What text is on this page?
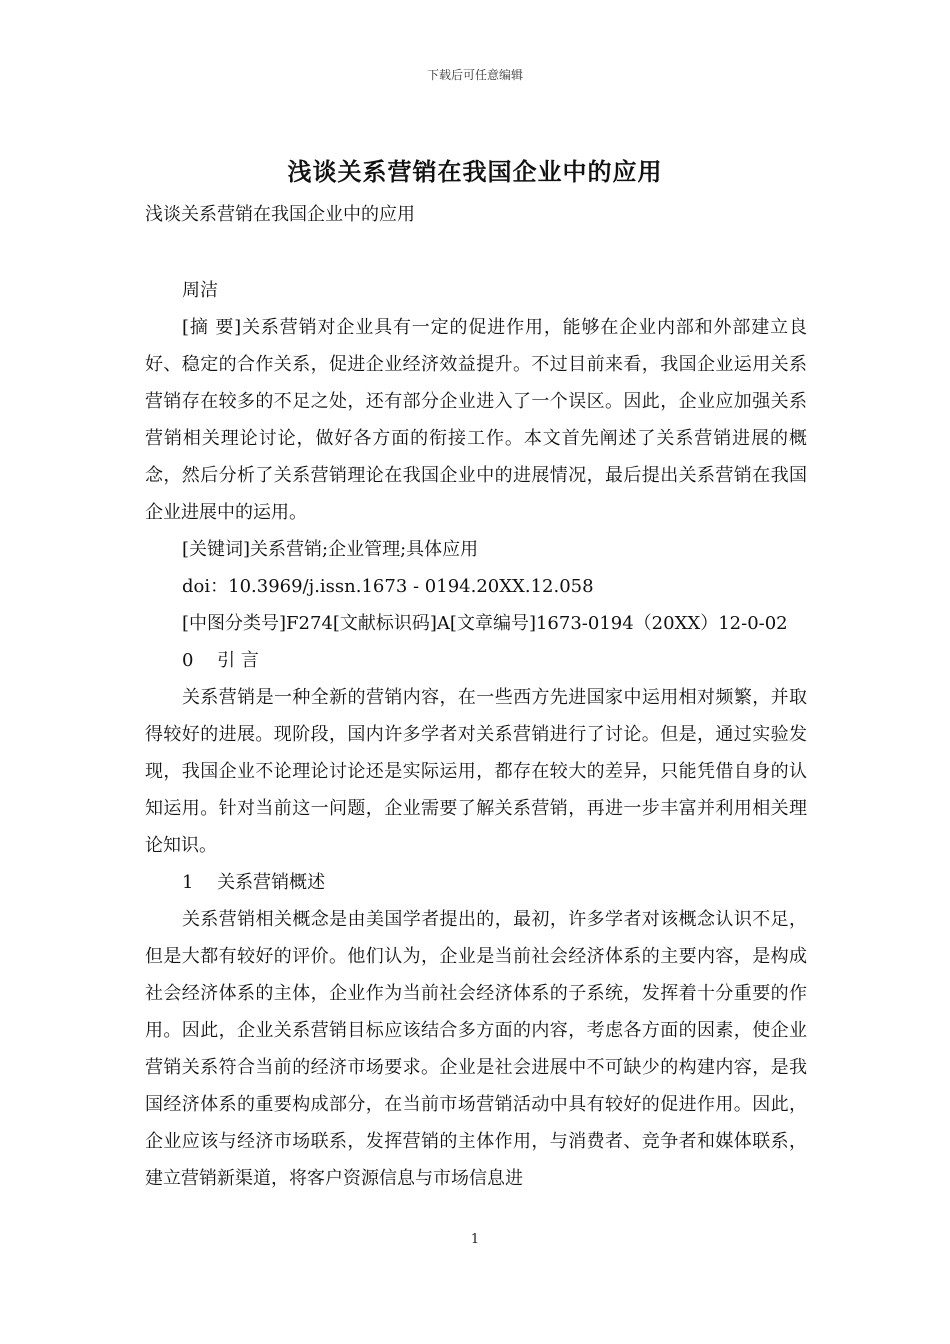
下载后可任意编辑
浅谈关系营销在我国企业中的应用
浅谈关系营销在我国企业中的应用

周洁

[摘 要]关系营销对企业具有一定的促进作用，能够在企业内部和外部建立良好、稳定的合作关系，促进企业经济效益提升。不过目前来看，我国企业运用关系营销存在较多的不足之处，还有部分企业进入了一个误区。因此，企业应加强关系营销相关理论讨论，做好各方面的衔接工作。本文首先阐述了关系营销进展的概念，然后分析了关系营销理论在我国企业中的进展情况，最后提出关系营销在我国企业进展中的运用。

[关键词]关系营销;企业管理;具体应用

doi：10.3969/j.issn.1673 - 0194.20XX.12.058

[中图分类号]F274[文献标识码]A[文章编号]1673-0194（20XX）12-0-02

0　 引 言

关系营销是一种全新的营销内容，在一些西方先进国家中运用相对频繁，并取得较好的进展。现阶段，国内许多学者对关系营销进行了讨论。但是，通过实验发现，我国企业不论理论讨论还是实际运用，都存在较大的差异，只能凭借自身的认知运用。针对当前这一问题，企业需要了解关系营销，再进一步丰富并利用相关理论知识。

1　 关系营销概述

关系营销相关概念是由美国学者提出的，最初，许多学者对该概念认识不足，但是大都有较好的评价。他们认为，企业是当前社会经济体系的主要内容，是构成社会经济体系的主体，企业作为当前社会经济体系的子系统，发挥着十分重要的作用。因此，企业关系营销目标应该结合多方面的内容，考虑各方面的因素，使企业营销关系符合当前的经济市场要求。企业是社会进展中不可缺少的构建内容，是我国经济体系的重要构成部分，在当前市场营销活动中具有较好的促进作用。因此，企业应该与经济市场联系，发挥营销的主体作用，与消费者、竞争者和媒体联系，建立营销新渠道，将客户资源信息与市场信息进

1
